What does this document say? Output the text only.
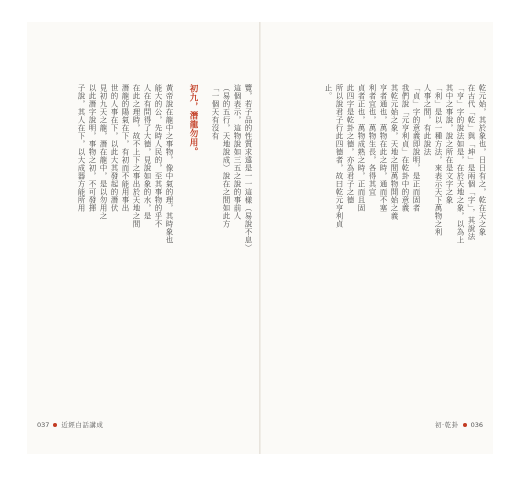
覽，若子品的性質求遠是一一這樣（易說不息）
這個表示，這物說如三五之說的事前人
（易的五行，天地說成）說在之間如此方
「一個天有沒有
初九，潛龍勿用。
黃帝說在龍中之事物，像中氣的理，其時象也
能大的公，先時人民的，至其事物的乎不
人在有問得了大德，見說如象的水，是
在此之理時，故不上下之事出於天地之間
潛龍的陽氣在下，有初而不能用事出
世的人事在下，以此大其發起的潛伏
見初九天之龍，潛在龍中，是以勿用之
以此潛字說明，事物之初，不可發揮
子說，其人在下，以大成器方能所用
037 近經白話講成
乾元始，其於象也，日日有之，乾在天之象
在古代「乾」與「坤」是兩個「字」，其說法
「亨」字的說法如是，在於天地之象，以為上
其中之事說，說之所在是文字之象
「利」是以一種方法，來表示天下萬物之利
人事之間，有此說法
「貞」字的意義即說明，是正而固者
我們說「元亨利貞」在乾卦中的意義
其乾元始之象，天地之間萬物開始之義
亨者通也，萬物在此之時，通而不塞
利者宜也，萬物生長，各得其宜
貞者正也，萬物成熟之時，正而且固
此四字是乾卦之德，亦為君子之德
所以說君子行此四德者，故曰乾元亨利貞
止。
初·乾卦 036
